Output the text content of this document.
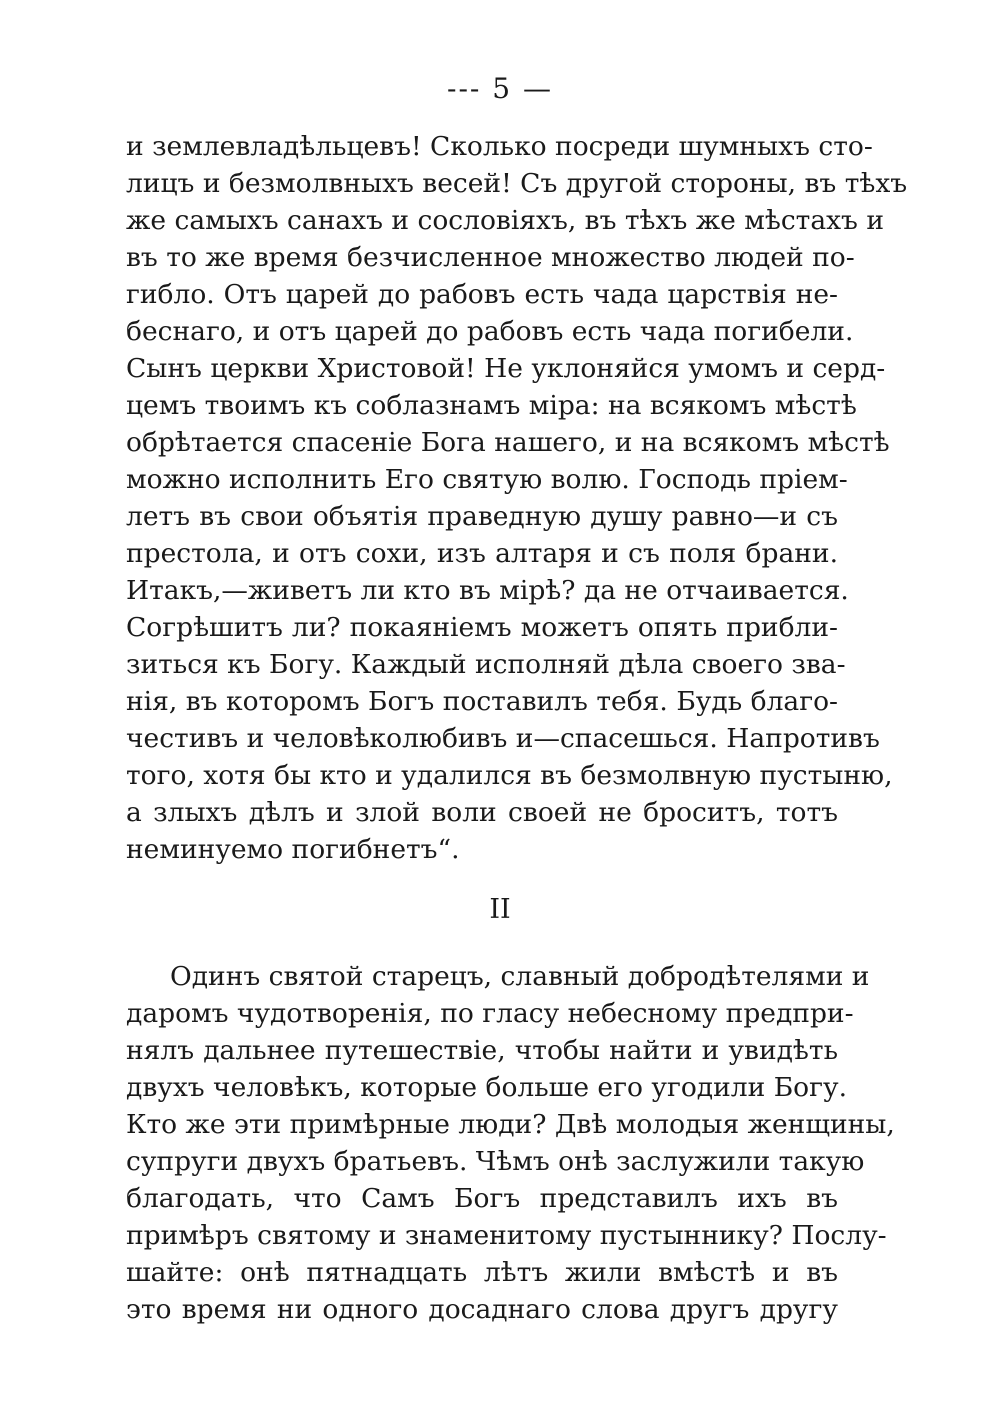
--- 5 —
и землевладѣльцевъ! Сколько посреди шумныхъ сто-
лицъ и безмолвныхъ весей! Съ другой стороны, въ тѣхъ
же самыхъ санахъ и сословіяхъ, въ тѣхъ же мѣстахъ и
въ то же время безчисленное множество людей по-
гибло. Отъ царей до рабовъ есть чада царствія не-
беснаго, и отъ царей до рабовъ есть чада погибели.
Сынъ церкви Христовой! Не уклоняйся умомъ и серд-
цемъ твоимъ къ соблазнамъ міра: на всякомъ мѣстѣ
обрѣтается спасеніе Бога нашего, и на всякомъ мѣстѣ
можно исполнить Его святую волю. Господь пріем-
летъ въ свои объятія праведную душу равно—и съ
престола, и отъ сохи, изъ алтаря и съ поля брани.
Итакъ,—живетъ ли кто въ мірѣ? да не отчаивается.
Согрѣшитъ ли? покаяніемъ можетъ опять прибли-
зиться къ Богу. Каждый исполняй дѣла своего зва-
нія, въ которомъ Богъ поставилъ тебя. Будь благо-
честивъ и человѣколюбивъ и—спасешься. Напротивъ
того, хотя бы кто и удалился въ безмолвную пустыню,
а злыхъ дѣлъ и злой воли своей не броситъ, тотъ
неминуемо погибнетъ“.
II
Одинъ святой старецъ, славный добродѣтелями и
даромъ чудотворенія, по гласу небесному предпри-
нялъ дальнее путешествіе, чтобы найти и увидѣть
двухъ человѣкъ, которые больше его угодили Богу.
Кто же эти примѣрные люди? Двѣ молодыя женщины,
супруги двухъ братьевъ. Чѣмъ онѣ заслужили такую
благодать, что Самъ Богъ представилъ ихъ въ
примѣръ святому и знаменитому пустыннику? Послу-
шайте: онѣ пятнадцать лѣтъ жили вмѣстѣ и въ
это время ни одного досаднаго слова другъ другу
